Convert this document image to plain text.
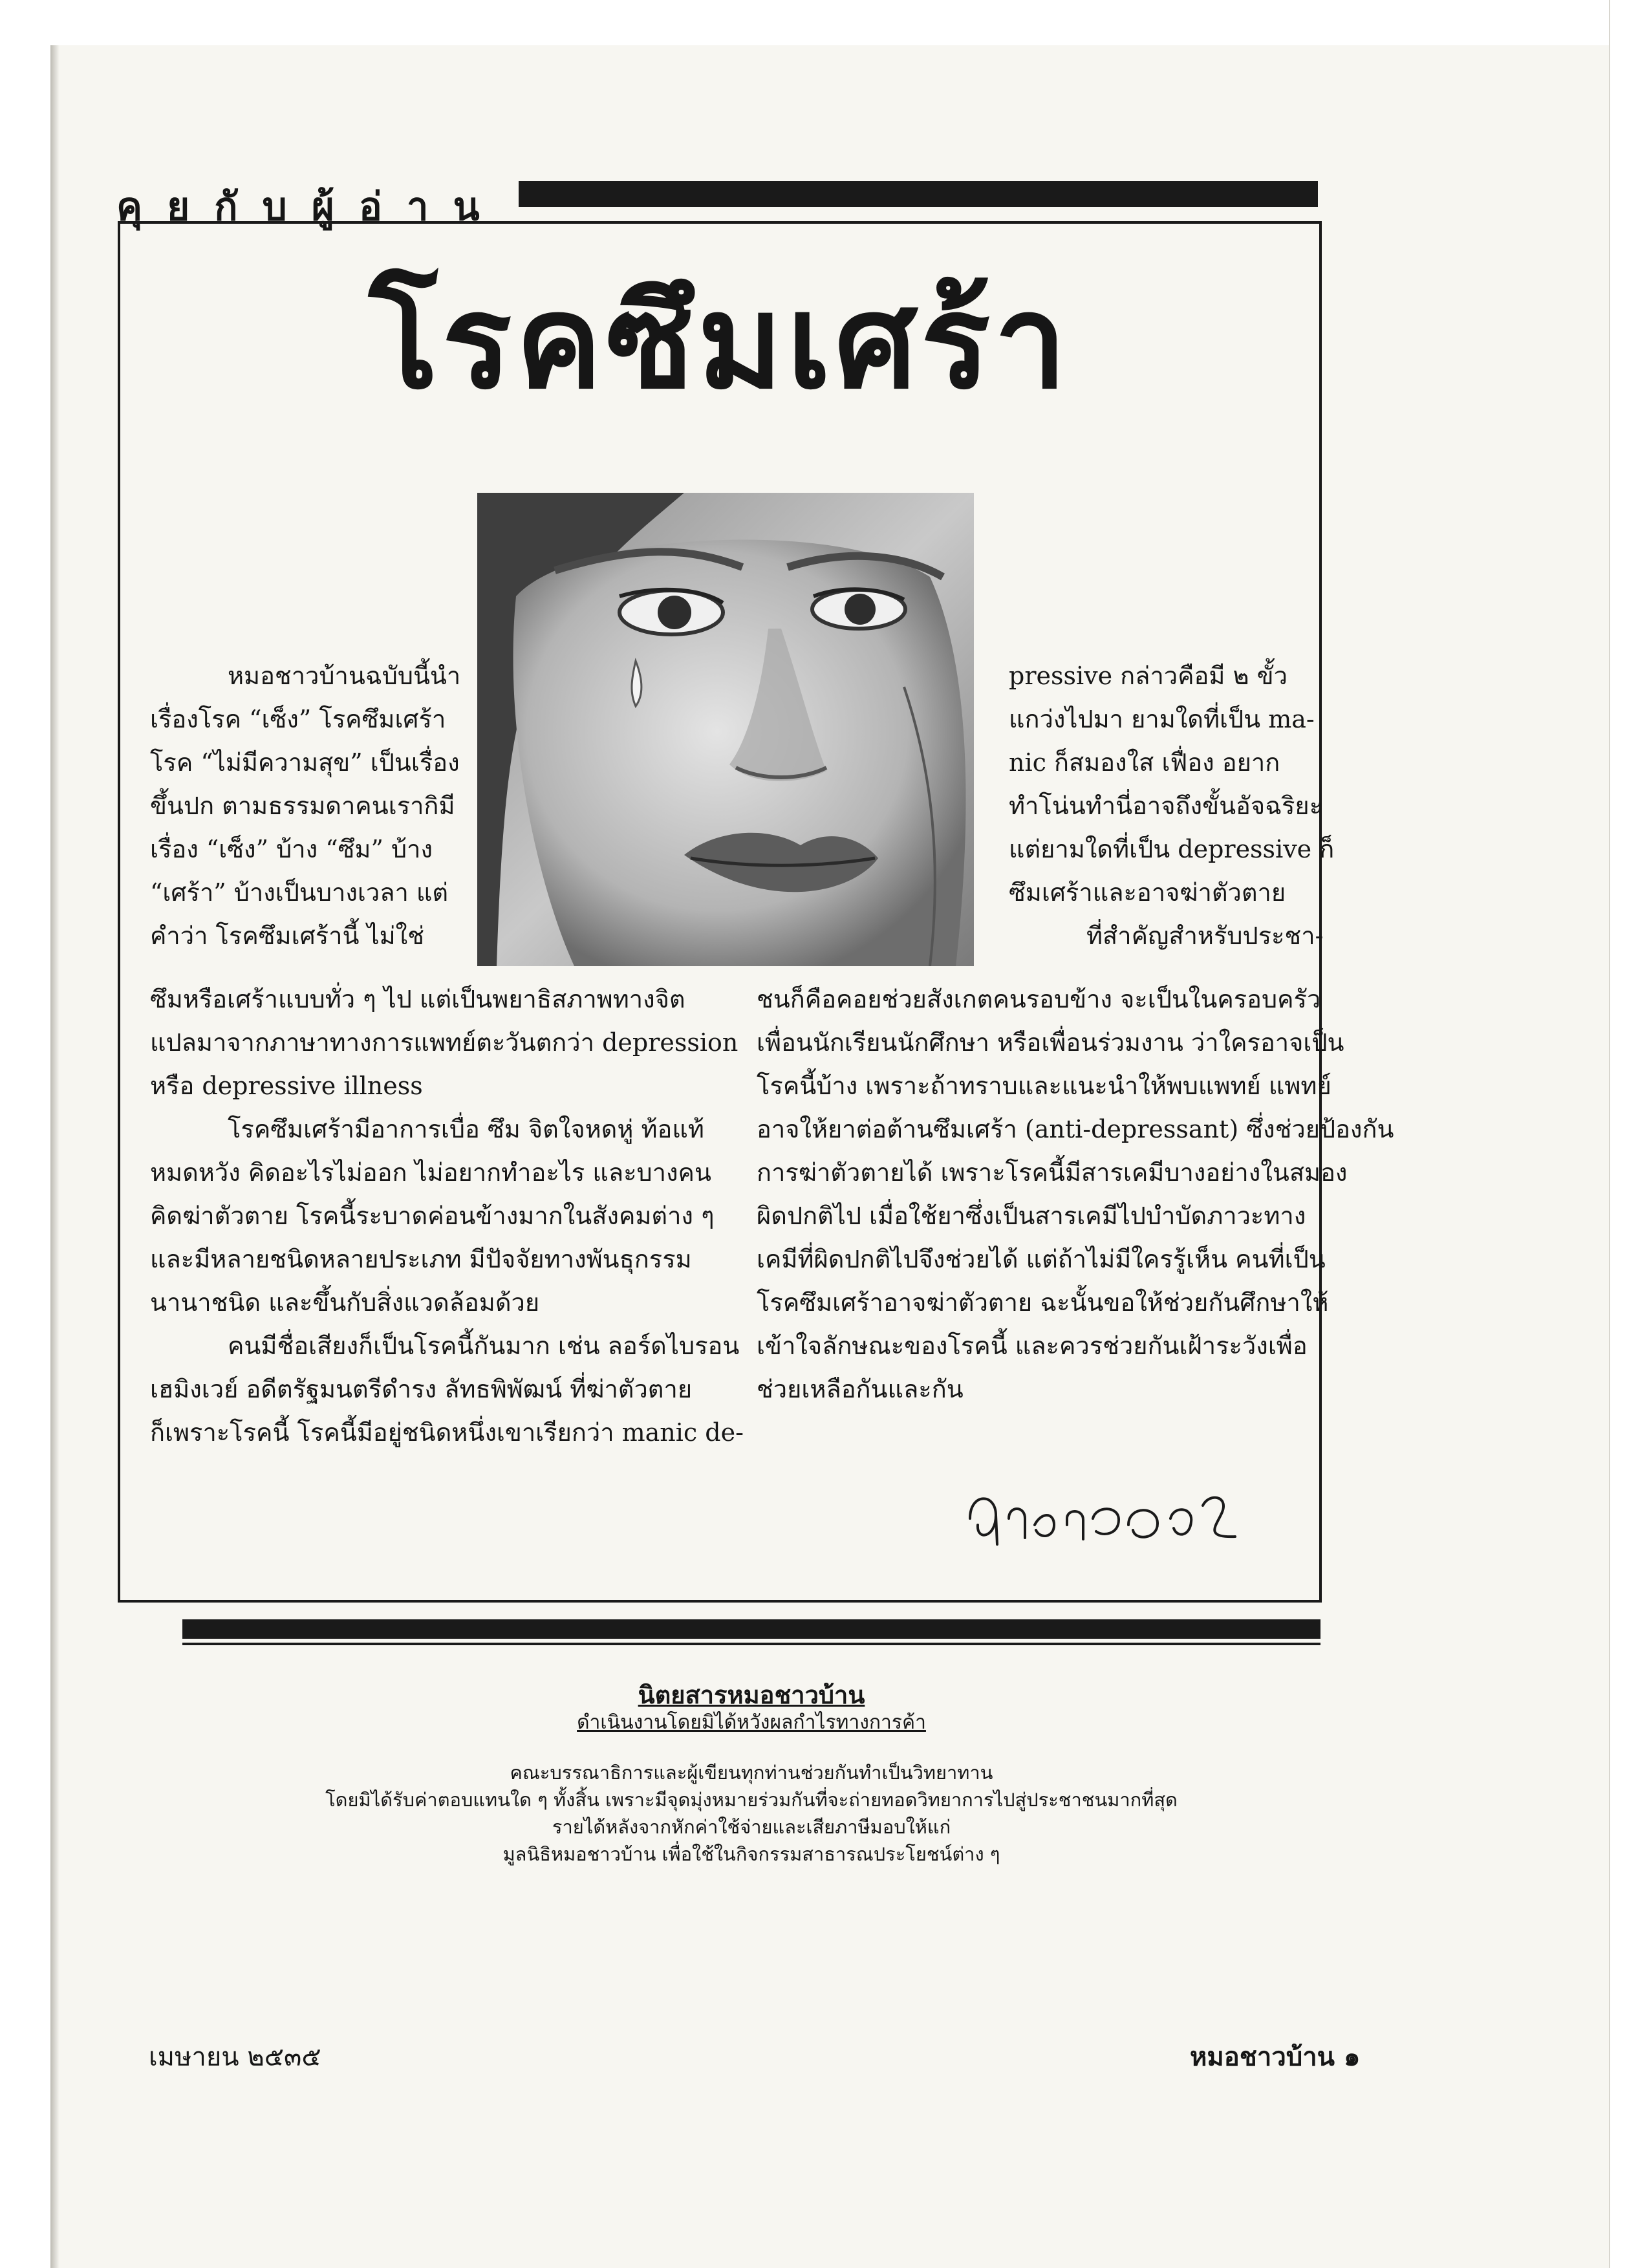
คุยกับผู้อ่าน
โรคซึมเศร้า

หมอชาวบ้านฉบับนี้นำ

เรื่องโรค “เซ็ง” โรคซึมเศร้า

โรค “ไม่มีความสุข” เป็นเรื่อง

ขึ้นปก ตามธรรมดาคนเรากิมี

เรื่อง “เซ็ง” บ้าง “ซึม” บ้าง

“เศร้า” บ้างเป็นบางเวลา แต่

คำว่า โรคซึมเศร้านี้ ไม่ใช่

ซึมหรือเศร้าแบบทั่ว ๆ ไป แต่เป็นพยาธิสภาพทางจิต

แปลมาจากภาษาทางการแพทย์ตะวันตกว่า depression

หรือ depressive illness

โรคซึมเศร้ามีอาการเบื่อ ซึม จิตใจหดหู่ ท้อแท้

หมดหวัง คิดอะไรไม่ออก ไม่อยากทำอะไร และบางคน

คิดฆ่าตัวตาย โรคนี้ระบาดค่อนข้างมากในสังคมต่าง ๆ

และมีหลายชนิดหลายประเภท มีปัจจัยทางพันธุกรรม

นานาชนิด และขึ้นกับสิ่งแวดล้อมด้วย

คนมีชื่อเสียงก็เป็นโรคนี้กันมาก เช่น ลอร์ดไบรอน

เฮมิงเวย์ อดีตรัฐมนตรีดำรง ลัทธพิพัฒน์ ที่ฆ่าตัวตาย

ก็เพราะโรคนี้ โรคนี้มีอยู่ชนิดหนึ่งเขาเรียกว่า manic de-

pressive กล่าวคือมี ๒ ขั้ว

แกว่งไปมา ยามใดที่เป็น ma-

nic ก็สมองใส เฟื่อง อยาก

ทำโน่นทำนี่อาจถึงขั้นอัจฉริยะ

แต่ยามใดที่เป็น depressive ก็

ซึมเศร้าและอาจฆ่าตัวตาย

ที่สำคัญสำหรับประชา-

ชนก็คือคอยช่วยสังเกตคนรอบข้าง จะเป็นในครอบครัว

เพื่อนนักเรียนนักศึกษา หรือเพื่อนร่วมงาน ว่าใครอาจเป็น

โรคนี้บ้าง เพราะถ้าทราบและแนะนำให้พบแพทย์ แพทย์

อาจให้ยาต่อต้านซึมเศร้า (anti-depressant) ซึ่งช่วยป้องกัน

การฆ่าตัวตายได้ เพราะโรคนี้มีสารเคมีบางอย่างในสมอง

ผิดปกติไป เมื่อใช้ยาซึ่งเป็นสารเคมีไปบำบัดภาวะทาง

เคมีที่ผิดปกติไปจึงช่วยได้ แต่ถ้าไม่มีใครรู้เห็น คนที่เป็น

โรคซึมเศร้าอาจฆ่าตัวตาย ฉะนั้นขอให้ช่วยกันศึกษาให้

เข้าใจลักษณะของโรคนี้ และควรช่วยกันเฝ้าระวังเพื่อ

ช่วยเหลือกันและกัน

นิตยสารหมอชาวบ้าน
ดำเนินงานโดยมิได้หวังผลกำไรทางการค้า

คณะบรรณาธิการและผู้เขียนทุกท่านช่วยกันทำเป็นวิทยาทาน

โดยมิได้รับค่าตอบแทนใด ๆ ทั้งสิ้น เพราะมีจุดมุ่งหมายร่วมกันที่จะถ่ายทอดวิทยาการไปสู่ประชาชนมากที่สุด

รายได้หลังจากหักค่าใช้จ่ายและเสียภาษีมอบให้แก่

มูลนิธิหมอชาวบ้าน เพื่อใช้ในกิจกรรมสาธารณประโยชน์ต่าง ๆ

เมษายน ๒๕๓๕	หมอชาวบ้าน ๑
